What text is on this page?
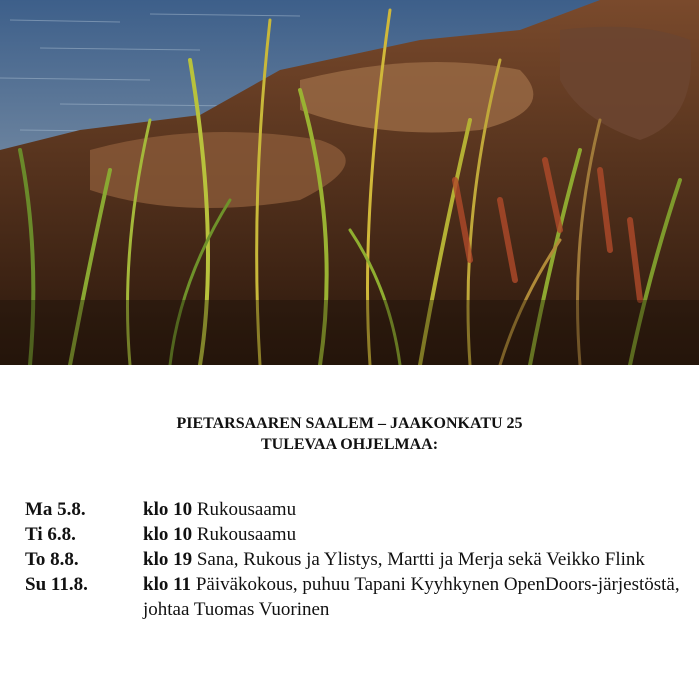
PIETARSAAREN SAALEM – JAAKONKATU 25
TULEVAA OHJELMAA:
Ma 5.8.	klo 10 Rukousaamu
Ti 6.8.	klo 10 Rukousaamu
To 8.8.	klo 19 Sana, Rukous ja Ylistys, Martti ja Merja sekä Veikko Flink
Su 11.8.	klo 11 Päiväkokous, puhuu Tapani Kyyhkynen OpenDoors-järjestöstä, johtaa Tuomas Vuorinen
